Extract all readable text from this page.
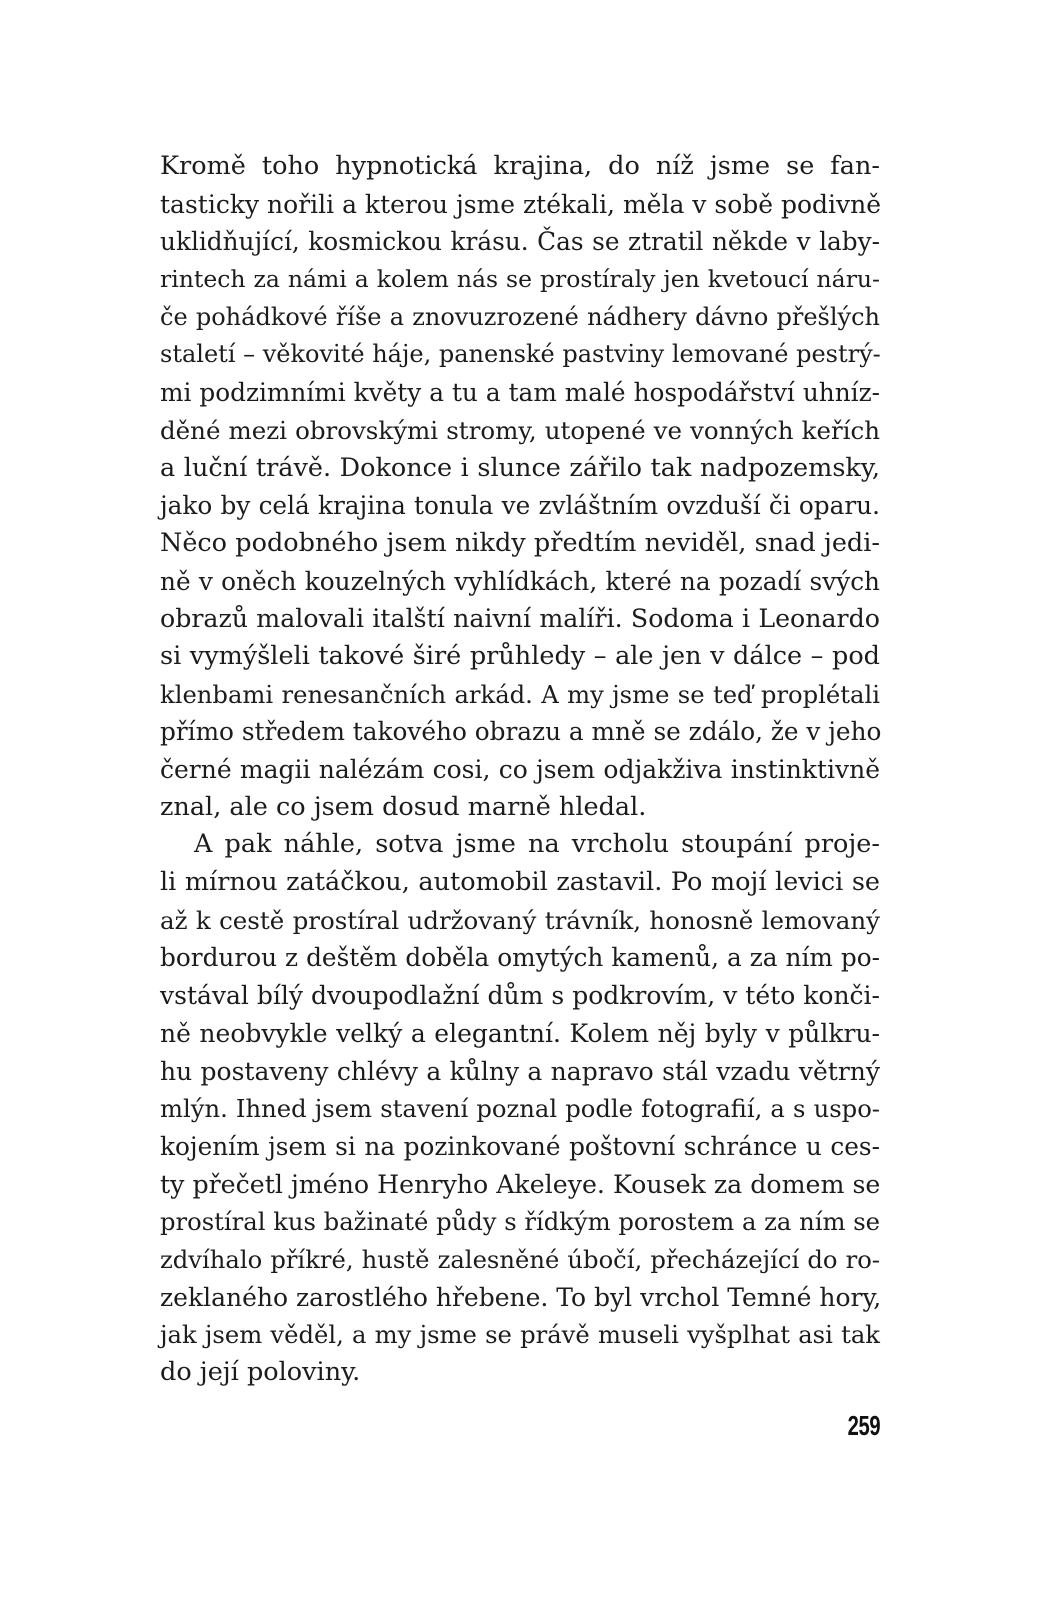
Kromě toho hypnotická krajina, do níž jsme se fan-
tasticky nořili a kterou jsme ztékali, měla v sobě podivně
uklidňující, kosmickou krásu. Čas se ztratil někde v laby-
rintech za námi a kolem nás se prostíraly jen kvetoucí náru-
če pohádkové říše a znovuzrozené nádhery dávno přešlých
staletí – věkovité háje, panenské pastviny lemované pestrý-
mi podzimními květy a tu a tam malé hospodářství uhníz-
děné mezi obrovskými stromy, utopené ve vonných keřích
a luční trávě. Dokonce i slunce zářilo tak nadpozemsky,
jako by celá krajina tonula ve zvláštním ovzduší či oparu.
Něco podobného jsem nikdy předtím neviděl, snad jedi-
ně v oněch kouzelných vyhlídkách, které na pozadí svých
obrazů malovali italští naivní malíři. Sodoma i Leonardo
si vymýšleli takové širé průhledy – ale jen v dálce – pod
klenbami renesančních arkád. A my jsme se teď proplétali
přímo středem takového obrazu a mně se zdálo, že v jeho
černé magii nalézám cosi, co jsem odjakživa instinktivně
znal, ale co jsem dosud marně hledal.
A pak náhle, sotva jsme na vrcholu stoupání proje-
li mírnou zatáčkou, automobil zastavil. Po mojí levici se
až k cestě prostíral udržovaný trávník, honosně lemovaný
bordurou z deštěm doběla omytých kamenů, a za ním po-
vstával bílý dvoupodlažní dům s podkrovím, v této konči-
ně neobvykle velký a elegantní. Kolem něj byly v půlkru-
hu postaveny chlévy a kůlny a napravo stál vzadu větrný
mlýn. Ihned jsem stavení poznal podle fotografií, a s uspo-
kojením jsem si na pozinkované poštovní schránce u ces-
ty přečetl jméno Henryho Akeleye. Kousek za domem se
prostíral kus bažinaté půdy s řídkým porostem a za ním se
zdvíhalo příkré, hustě zalesněné úbočí, přecházející do ro-
zeklaného zarostlého hřebene. To byl vrchol Temné hory,
jak jsem věděl, a my jsme se právě museli vyšplhat asi tak
do její poloviny.
259
